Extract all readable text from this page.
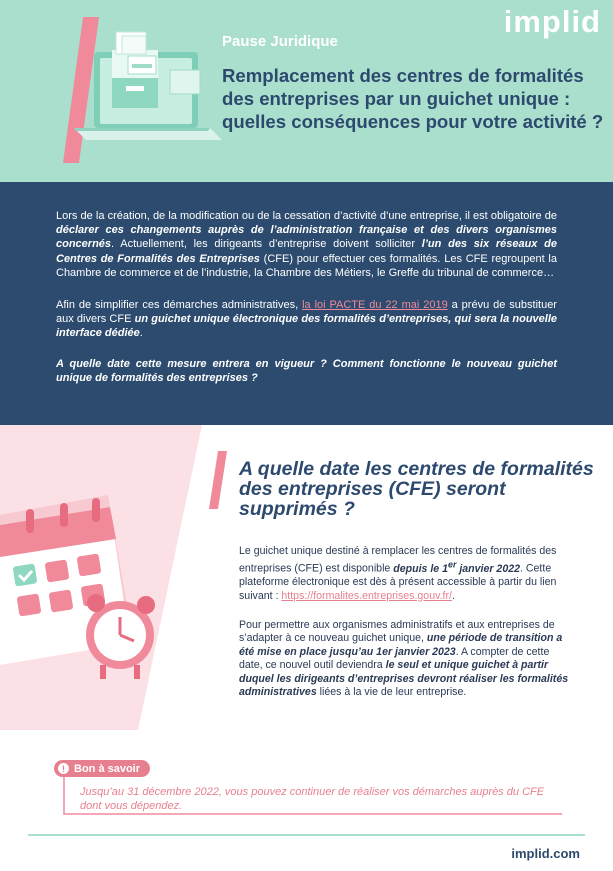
implid
Pause Juridique
Remplacement des centres de formalités des entreprises par un guichet unique : quelles conséquences pour votre activité ?

Lors de la création, de la modification ou de la cessation d’activité d’une entreprise, il est obligatoire de déclarer ces changements auprès de l’administration française et des divers organismes concernés. Actuellement, les dirigeants d’entreprise doivent solliciter l’un des six réseaux de Centres de Formalités des Entreprises (CFE) pour effectuer ces formalités. Les CFE regroupent la Chambre de commerce et de l’industrie, la Chambre des Métiers, le Greffe du tribunal de commerce…

Afin de simplifier ces démarches administratives, la loi PACTE du 22 mai 2019 a prévu de substituer aux divers CFE un guichet unique électronique des formalités d’entreprises, qui sera la nouvelle interface dédiée.

A quelle date cette mesure entrera en vigueur ? Comment fonctionne le nouveau guichet unique de formalités des entreprises ?

A quelle date les centres de formalités des entreprises (CFE) seront supprimés ?

Le guichet unique destiné à remplacer les centres de formalités des entreprises (CFE) est disponible depuis le 1er janvier 2022. Cette plateforme électronique est dès à présent accessible à partir du lien suivant : https://formalites.entreprises.gouv.fr/.

Pour permettre aux organismes administratifs et aux entreprises de s’adapter à ce nouveau guichet unique, une période de transition a été mise en place jusqu’au 1er janvier 2023. A compter de cette date, ce nouvel outil deviendra le seul et unique guichet à partir duquel les dirigeants d’entreprises devront réaliser les formalités administratives liées à la vie de leur entreprise.

! Bon à savoir

Jusqu’au 31 décembre 2022, vous pouvez continuer de réaliser vos démarches auprès du CFE dont vous dépendez.

implid.com
